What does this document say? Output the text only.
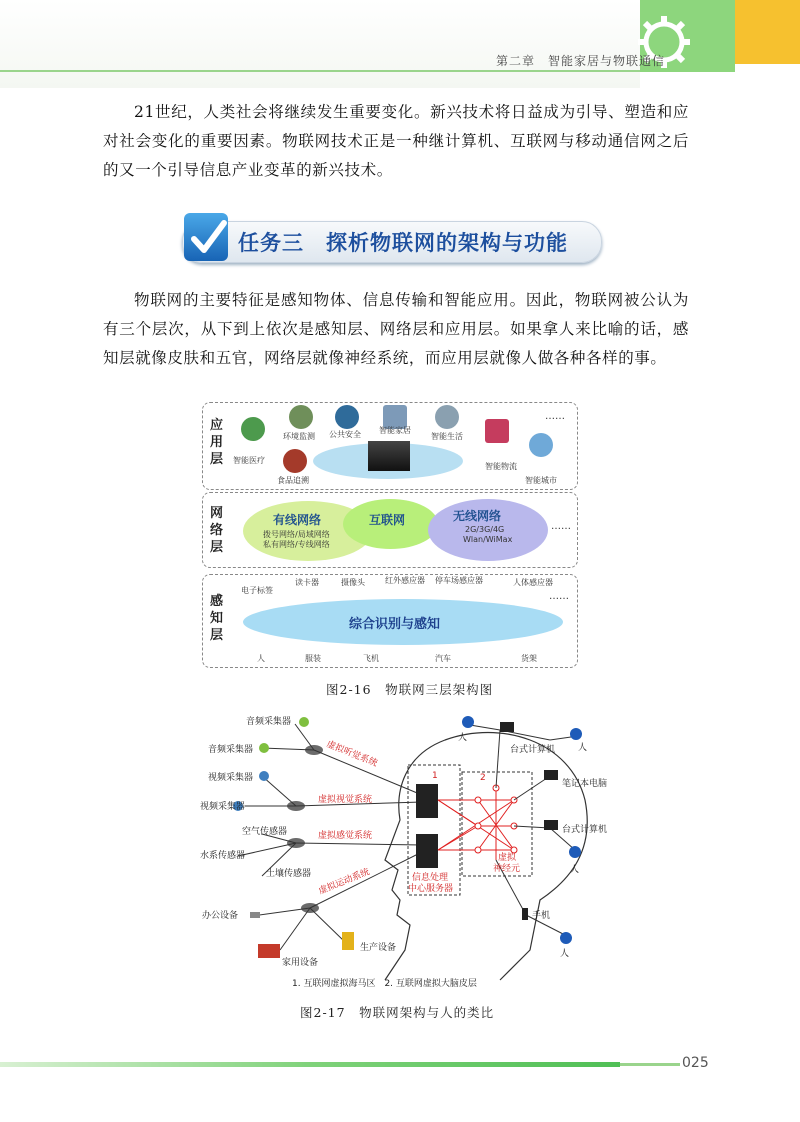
第二章　智能家居与物联通信

21世纪，人类社会将继续发生重要变化。新兴技术将日益成为引导、塑造和应对社会变化的重要因素。物联网技术正是一种继计算机、互联网与移动通信网之后的又一个引导信息产业变革的新兴技术。

任务三　探析物联网的架构与功能

物联网的主要特征是感知物体、信息传输和智能应用。因此，物联网被公认为有三个层次，从下到上依次是感知层、网络层和应用层。如果拿人来比喻的话，感知层就像皮肤和五官，网络层就像神经系统，而应用层就像人做各种各样的事。

应用层
环境监测 公共安全 智能家居
智能生活
智能医疗
食品追溯
智能物流
智能城市
……
网络层
有线网络
拨号网络/局域网络
私有网络/专线网络
互联网	无线网络
2G/3G/4G
Wlan/WiMax
……
感知层
综合识别与感知
电子标签
读卡器	摄像头	红外感应器 停车场感应器	人体感应器
人	服装	飞机	汽车	货架
……
图2-16　物联网三层架构图
音频采集器
音频采集器
视频采集器
视频采集器
空气传感器
水系传感器
土壤传感器
办公设备
生产设备
家用设备
虚拟听觉系统
虚拟视觉系统
虚拟感觉系统
虚拟运动系统	信息处理
中心服务器
虚拟
神经元
1	2
人
台式计算机	人
笔记本电脑
台式计算机
人
手机
人
1. 互联网虚拟海马区　2. 互联网虚拟大脑皮层
图2-17　物联网架构与人的类比
025
